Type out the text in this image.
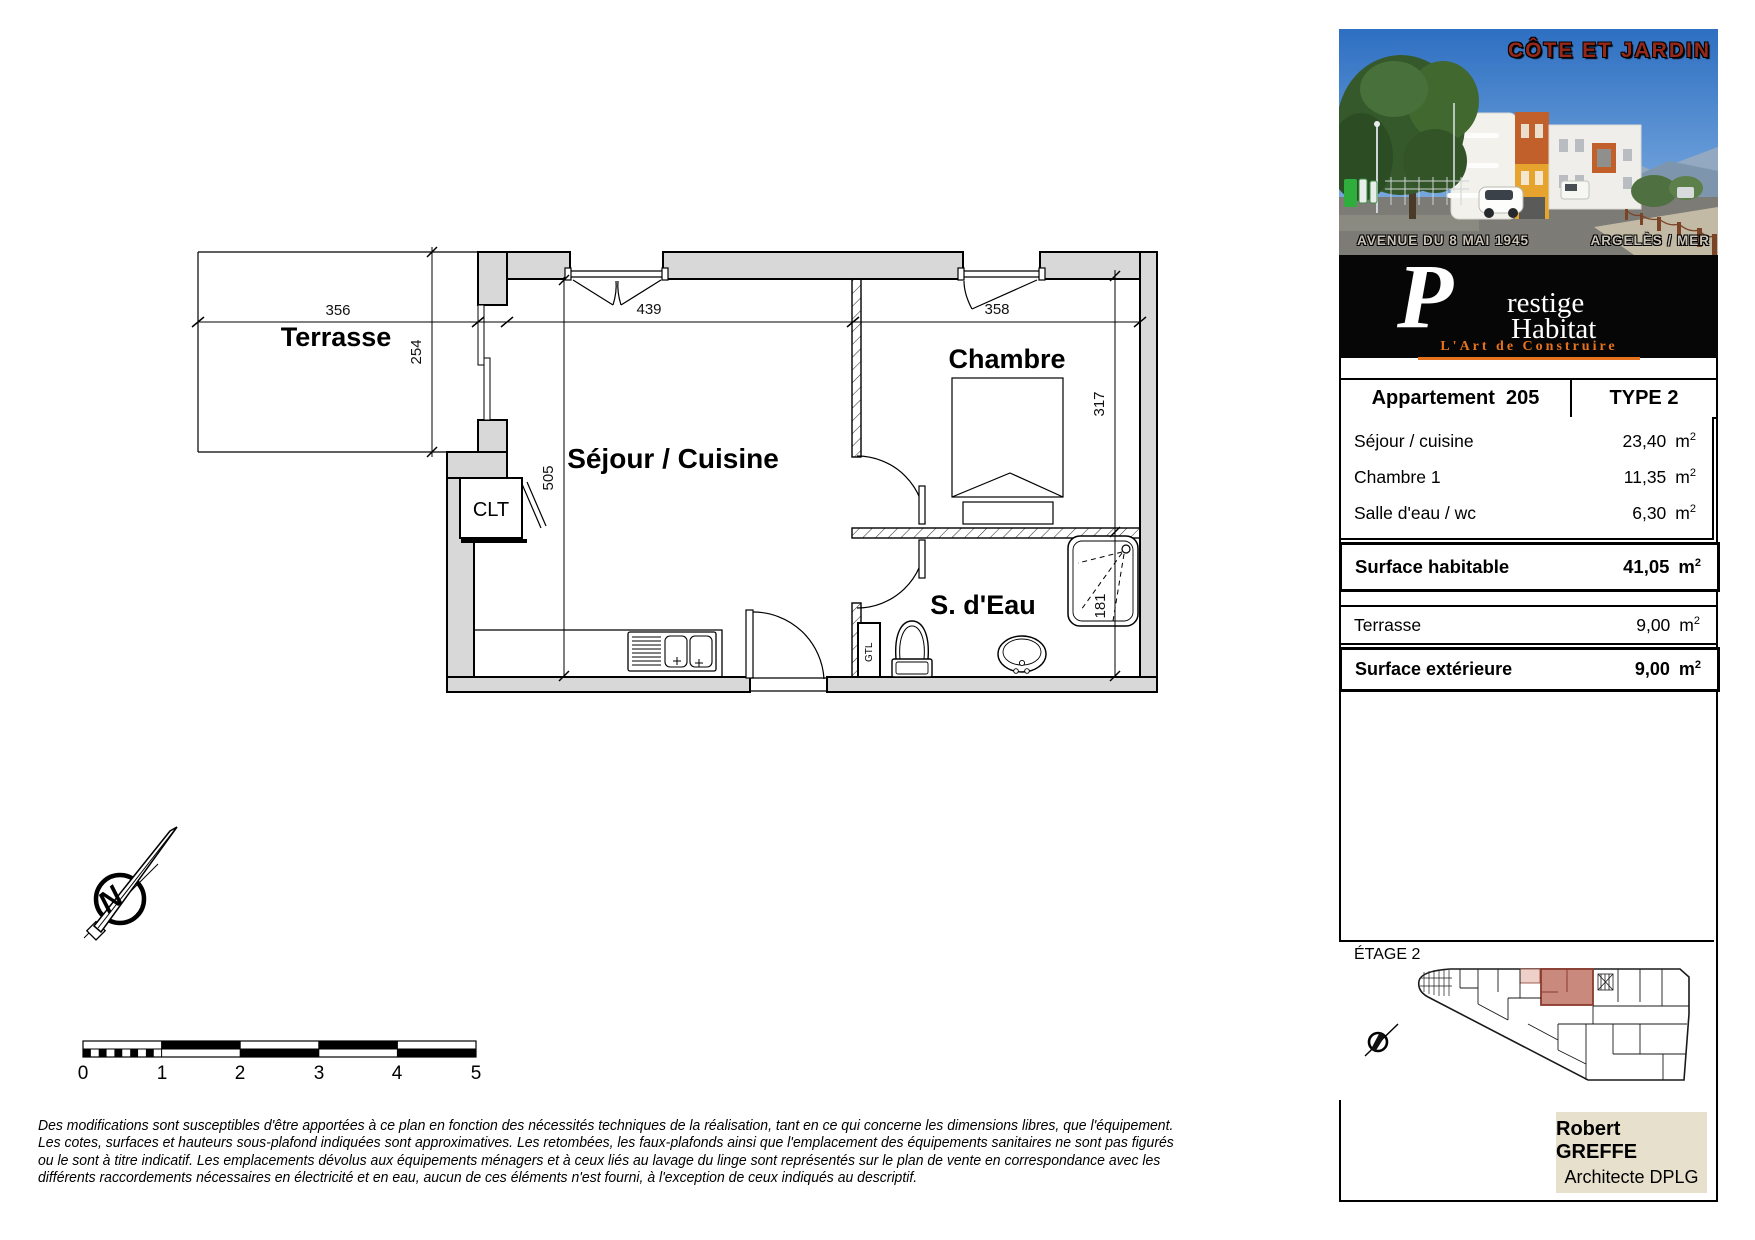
CLT
GTL
356	439	358
254
505
317
181
Terrasse
Séjour / Cuisine
Chambre
S. d'Eau
N
0	1	2	3	4	5
CÔTE ET JARDIN
AVENUE DU 8 MAI 1945	ARGELÈS / MER
P restige
Habitat
L'Art de Construire
Appartement  205	TYPE 2
Séjour / cuisine	23,40 $m^2$
Chambre 1	11,35 $m^2$
Salle d'eau / wc	6,30 $m^2$
Surface habitable	41,05 $m^2$
Terrasse	9,00 $m^2$
Surface extérieure	9,00 $m^2$
ÉTAGE 2
Robert GREFFE
Architecte DPLG
Des modifications sont susceptibles d'être apportées à ce plan en fonction des nécessités techniques de la réalisation, tant en ce qui concerne les dimensions libres, que l'équipement.
Les cotes, surfaces et hauteurs sous-plafond indiquées sont approximatives. Les retombées, les faux-plafonds ainsi que l'emplacement des équipements sanitaires ne sont pas figurés
ou le sont à titre indicatif. Les emplacements dévolus aux équipements ménagers et à ceux liés au lavage du linge sont représentés sur le plan de vente en correspondance avec les
différents raccordements nécessaires en électricité et en eau, aucun de ces éléments n'est fourni, à l'exception de ceux indiqués au descriptif.
